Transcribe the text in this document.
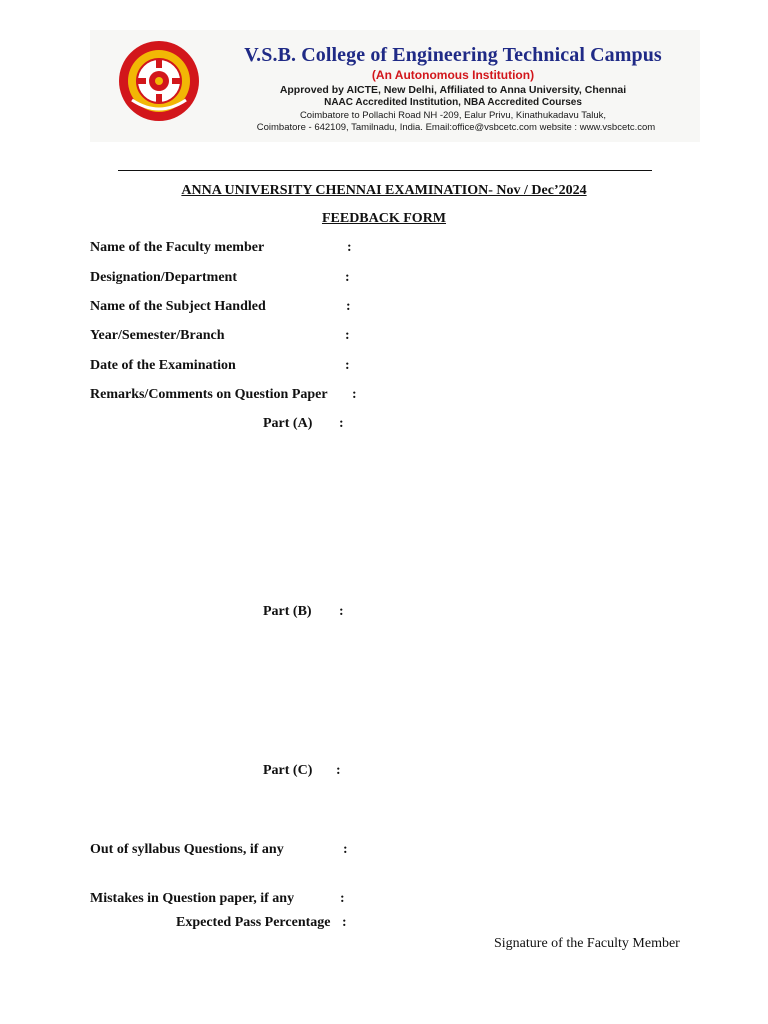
V.S.B. College of Engineering Technical Campus
(An Autonomous Institution)
Approved by AICTE, New Delhi, Affiliated to Anna University, Chennai
NAAC Accredited Institution, NBA Accredited Courses
Coimbatore to Pollachi Road NH -209, Ealur Privu, Kinathukadavu Taluk,
Coimbatore - 642109, Tamilnadu, India. Email:office@vsbcetc.com website : www.vsbcetc.com
ANNA UNIVERSITY CHENNAI EXAMINATION- Nov / Dec’2024
FEEDBACK FORM
Name of the Faculty member	:
Designation/Department	:
Name of the Subject Handled	:
Year/Semester/Branch	:
Date of the Examination	:
Remarks/Comments on Question Paper :
Part (A) :
Part (B) :
Part (C) :
Out of syllabus Questions, if any	:
Mistakes in Question paper, if any	:
Expected Pass Percentage :
Signature of the Faculty Member
